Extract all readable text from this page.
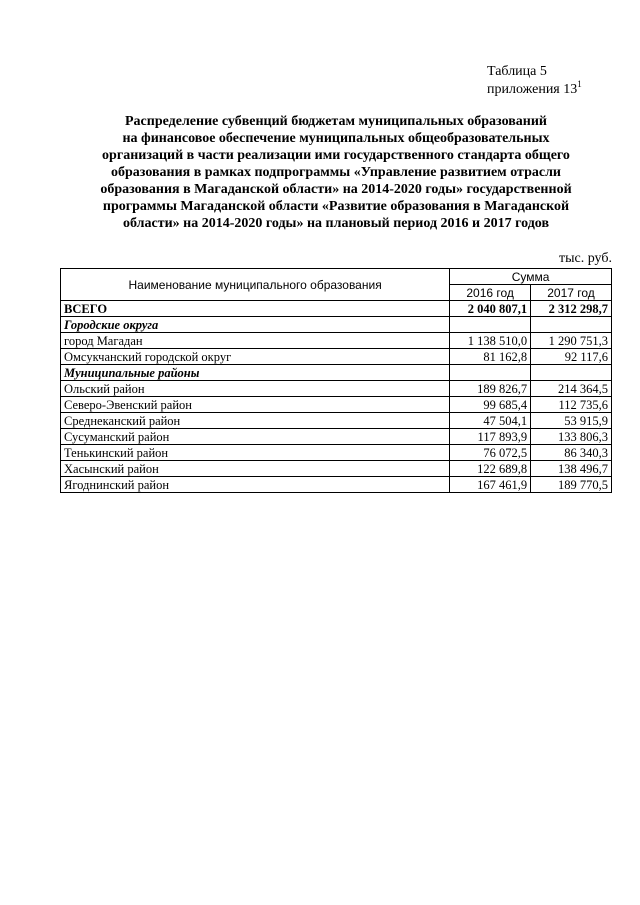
Таблица 5
приложения $13^1$
Распределение субвенций бюджетам муниципальных образований
на финансовое обеспечение муниципальных общеобразовательных
организаций в части реализации ими государственного стандарта общего
образования в рамках подпрограммы «Управление развитием отрасли
образования в Магаданской области» на 2014-2020 годы» государственной
программы Магаданской области «Развитие образования в Магаданской
области» на 2014-2020 годы» на плановый период 2016 и 2017 годов
тыс. руб.
Наименование муниципального образования	Сумма	
	2016 год	2017 год
ВСЕГО	2 040 807,1	2 312 298,7
Городские округа		
город Магадан	1 138 510,0	1 290 751,3
Омсукчанский городской округ	81 162,8	92 117,6
Муниципальные районы		
Ольский район	189 826,7	214 364,5
Северо-Эвенский район	99 685,4	112 735,6
Среднеканский район	47 504,1	53 915,9
Сусуманский район	117 893,9	133 806,3
Тенькинский район	76 072,5	86 340,3
Хасынский район	122 689,8	138 496,7
Ягоднинский район	167 461,9	189 770,5
